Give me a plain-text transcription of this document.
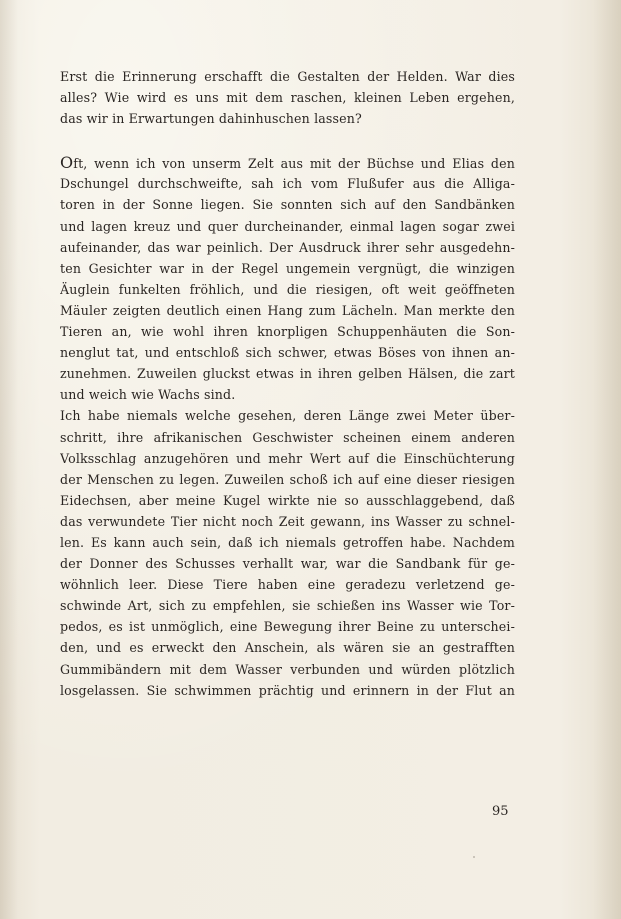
Erst die Erinnerung erschafft die Gestalten der Helden. War dies
alles? Wie wird es uns mit dem raschen, kleinen Leben ergehen,
das wir in Erwartungen dahinhuschen lassen?
Oft, wenn ich von unserm Zelt aus mit der Büchse und Elias den
Dschungel durchschweifte, sah ich vom Flußufer aus die Alliga-
toren in der Sonne liegen. Sie sonnten sich auf den Sandbänken
und lagen kreuz und quer durcheinander, einmal lagen sogar zwei
aufeinander, das war peinlich. Der Ausdruck ihrer sehr ausgedehn-
ten Gesichter war in der Regel ungemein vergnügt, die winzigen
Äuglein funkelten fröhlich, und die riesigen, oft weit geöffneten
Mäuler zeigten deutlich einen Hang zum Lächeln. Man merkte den
Tieren an, wie wohl ihren knorpligen Schuppenhäuten die Son-
nenglut tat, und entschloß sich schwer, etwas Böses von ihnen an-
zunehmen. Zuweilen gluckst etwas in ihren gelben Hälsen, die zart
und weich wie Wachs sind.
Ich habe niemals welche gesehen, deren Länge zwei Meter über-
schritt, ihre afrikanischen Geschwister scheinen einem anderen
Volksschlag anzugehören und mehr Wert auf die Einschüchterung
der Menschen zu legen. Zuweilen schoß ich auf eine dieser riesigen
Eidechsen, aber meine Kugel wirkte nie so ausschlaggebend, daß
das verwundete Tier nicht noch Zeit gewann, ins Wasser zu schnel-
len. Es kann auch sein, daß ich niemals getroffen habe. Nachdem
der Donner des Schusses verhallt war, war die Sandbank für ge-
wöhnlich leer. Diese Tiere haben eine geradezu verletzend ge-
schwinde Art, sich zu empfehlen, sie schießen ins Wasser wie Tor-
pedos, es ist unmöglich, eine Bewegung ihrer Beine zu unterschei-
den, und es erweckt den Anschein, als wären sie an gestrafften
Gummibändern mit dem Wasser verbunden und würden plötzlich
losgelassen. Sie schwimmen prächtig und erinnern in der Flut an
95
